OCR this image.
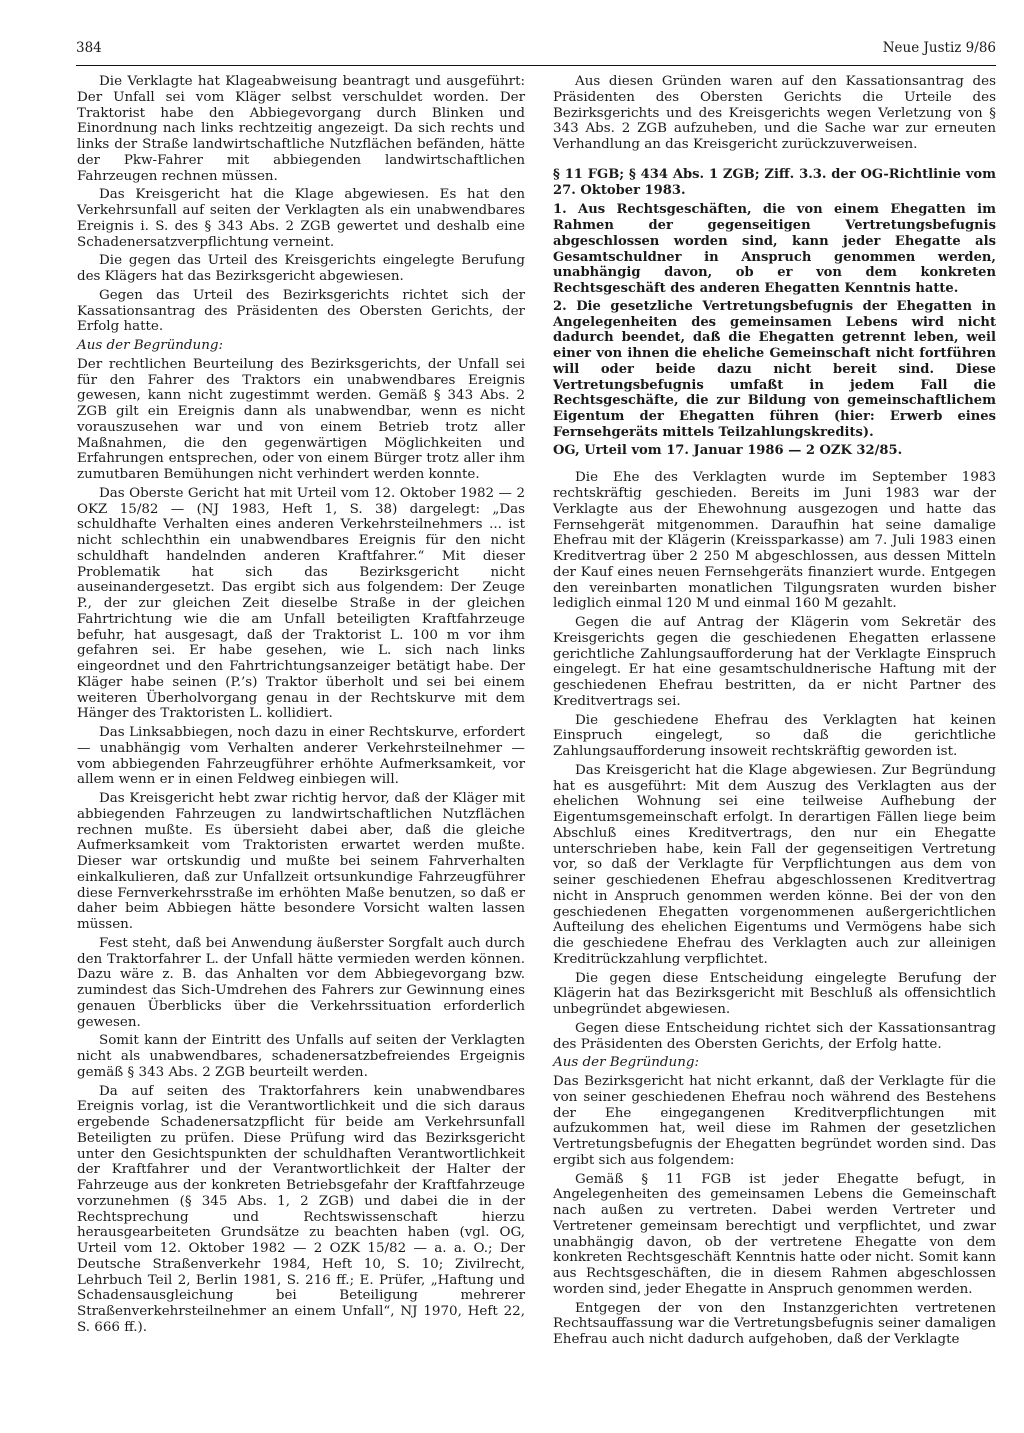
384	Neue Justiz 9/86

Die Verklagte hat Klageabweisung beantragt und ausgeführt: Der Unfall sei vom Kläger selbst verschuldet worden. Der Traktorist habe den Abbiegevorgang durch Blinken und Einordnung nach links rechtzeitig angezeigt. Da sich rechts und links der Straße landwirtschaftliche Nutzflächen befänden, hätte der Pkw-Fahrer mit abbiegenden landwirtschaftlichen Fahrzeugen rechnen müssen.

Das Kreisgericht hat die Klage abgewiesen. Es hat den Verkehrsunfall auf seiten der Verklagten als ein unabwendbares Ereignis i. S. des § 343 Abs. 2 ZGB gewertet und deshalb eine Schadenersatzverpflichtung verneint.

Die gegen das Urteil des Kreisgerichts eingelegte Berufung des Klägers hat das Bezirksgericht abgewiesen.

Gegen das Urteil des Bezirksgerichts richtet sich der Kassationsantrag des Präsidenten des Obersten Gerichts, der Erfolg hatte.

Aus der Begründung:

Der rechtlichen Beurteilung des Bezirksgerichts, der Unfall sei für den Fahrer des Traktors ein unabwendbares Ereignis gewesen, kann nicht zugestimmt werden. Gemäß § 343 Abs. 2 ZGB gilt ein Ereignis dann als unabwendbar, wenn es nicht vorauszusehen war und von einem Betrieb trotz aller Maßnahmen, die den gegenwärtigen Möglichkeiten und Erfahrungen entsprechen, oder von einem Bürger trotz aller ihm zumutbaren Bemühungen nicht verhindert werden konnte.

Das Oberste Gericht hat mit Urteil vom 12. Oktober 1982 — 2 OKZ 15/82 — (NJ 1983, Heft 1, S. 38) dargelegt: „Das schuldhafte Verhalten eines anderen Verkehrsteilnehmers ... ist nicht schlechthin ein unabwendbares Ereignis für den nicht schuldhaft handelnden anderen Kraftfahrer.“ Mit dieser Problematik hat sich das Bezirksgericht nicht auseinandergesetzt. Das ergibt sich aus folgendem: Der Zeuge P., der zur gleichen Zeit dieselbe Straße in der gleichen Fahrtrichtung wie die am Unfall beteiligten Kraftfahrzeuge befuhr, hat ausgesagt, daß der Traktorist L. 100 m vor ihm gefahren sei. Er habe gesehen, wie L. sich nach links eingeordnet und den Fahrtrichtungsanzeiger betätigt habe. Der Kläger habe seinen (P.’s) Traktor überholt und sei bei einem weiteren Überholvorgang genau in der Rechtskurve mit dem Hänger des Traktoristen L. kollidiert.

Das Linksabbiegen, noch dazu in einer Rechtskurve, erfordert — unabhängig vom Verhalten anderer Verkehrsteilnehmer — vom abbiegenden Fahrzeugführer erhöhte Aufmerksamkeit, vor allem wenn er in einen Feldweg einbiegen will.

Das Kreisgericht hebt zwar richtig hervor, daß der Kläger mit abbiegenden Fahrzeugen zu landwirtschaftlichen Nutzflächen rechnen mußte. Es übersieht dabei aber, daß die gleiche Aufmerksamkeit vom Traktoristen erwartet werden mußte. Dieser war ortskundig und mußte bei seinem Fahrverhalten einkalkulieren, daß zur Unfallzeit ortsunkundige Fahrzeugführer diese Fernverkehrsstraße im erhöhten Maße benutzen, so daß er daher beim Abbiegen hätte besondere Vorsicht walten lassen müssen.

Fest steht, daß bei Anwendung äußerster Sorgfalt auch durch den Traktorfahrer L. der Unfall hätte vermieden werden können. Dazu wäre z. B. das Anhalten vor dem Abbiegevorgang bzw. zumindest das Sich-Umdrehen des Fahrers zur Gewinnung eines genauen Überblicks über die Verkehrssituation erforderlich gewesen.

Somit kann der Eintritt des Unfalls auf seiten der Verklagten nicht als unabwendbares, schadenersatzbefreiendes Ergeignis gemäß § 343 Abs. 2 ZGB beurteilt werden.

Da auf seiten des Traktorfahrers kein unabwendbares Ereignis vorlag, ist die Verantwortlichkeit und die sich daraus ergebende Schadenersatzpflicht für beide am Verkehrsunfall Beteiligten zu prüfen. Diese Prüfung wird das Bezirksgericht unter den Gesichtspunkten der schuldhaften Verantwortlichkeit der Kraftfahrer und der Verantwortlichkeit der Halter der Fahrzeuge aus der konkreten Betriebsgefahr der Kraftfahrzeuge vorzunehmen (§ 345 Abs. 1, 2 ZGB) und dabei die in der Rechtsprechung und Rechtswissenschaft hierzu herausgearbeiteten Grundsätze zu beachten haben (vgl. OG, Urteil vom 12. Oktober 1982 — 2 OZK 15/82 — a. a. O.; Der Deutsche Straßenverkehr 1984, Heft 10, S. 10; Zivilrecht, Lehrbuch Teil 2, Berlin 1981, S. 216 ff.; E. Prüfer, „Haftung und Schadensausgleichung bei Beteiligung mehrerer Straßenverkehrsteilnehmer an einem Unfall“, NJ 1970, Heft 22, S. 666 ff.).

Aus diesen Gründen waren auf den Kassationsantrag des Präsidenten des Obersten Gerichts die Urteile des Bezirksgerichts und des Kreisgerichts wegen Verletzung von § 343 Abs. 2 ZGB aufzuheben, und die Sache war zur erneuten Verhandlung an das Kreisgericht zurückzuverweisen.

§ 11 FGB; § 434 Abs. 1 ZGB; Ziff. 3.3. der OG-Richtlinie vom 27. Oktober 1983.

1. Aus Rechtsgeschäften, die von einem Ehegatten im Rahmen der gegenseitigen Vertretungsbefugnis abgeschlossen worden sind, kann jeder Ehegatte als Gesamtschuldner in Anspruch genommen werden, unabhängig davon, ob er von dem konkreten Rechtsgeschäft des anderen Ehegatten Kenntnis hatte.

2. Die gesetzliche Vertretungsbefugnis der Ehegatten in Angelegenheiten des gemeinsamen Lebens wird nicht dadurch beendet, daß die Ehegatten getrennt leben, weil einer von ihnen die eheliche Gemeinschaft nicht fortführen will oder beide dazu nicht bereit sind. Diese Vertretungsbefugnis umfaßt in jedem Fall die Rechtsgeschäfte, die zur Bildung von gemeinschaftlichem Eigentum der Ehegatten führen (hier: Erwerb eines Fernsehgeräts mittels Teilzahlungskredits).

OG, Urteil vom 17. Januar 1986 — 2 OZK 32/85.

Die Ehe des Verklagten wurde im September 1983 rechtskräftig geschieden. Bereits im Juni 1983 war der Verklagte aus der Ehewohnung ausgezogen und hatte das Fernsehgerät mitgenommen. Daraufhin hat seine damalige Ehefrau mit der Klägerin (Kreissparkasse) am 7. Juli 1983 einen Kreditvertrag über 2 250 M abgeschlossen, aus dessen Mitteln der Kauf eines neuen Fernsehgeräts finanziert wurde. Entgegen den vereinbarten monatlichen Tilgungsraten wurden bisher lediglich einmal 120 M und einmal 160 M gezahlt.

Gegen die auf Antrag der Klägerin vom Sekretär des Kreisgerichts gegen die geschiedenen Ehegatten erlassene gerichtliche Zahlungsaufforderung hat der Verklagte Einspruch eingelegt. Er hat eine gesamtschuldnerische Haftung mit der geschiedenen Ehefrau bestritten, da er nicht Partner des Kreditvertrags sei.

Die geschiedene Ehefrau des Verklagten hat keinen Einspruch eingelegt, so daß die gerichtliche Zahlungsaufforderung insoweit rechtskräftig geworden ist.

Das Kreisgericht hat die Klage abgewiesen. Zur Begründung hat es ausgeführt: Mit dem Auszug des Verklagten aus der ehelichen Wohnung sei eine teilweise Aufhebung der Eigentumsgemeinschaft erfolgt. In derartigen Fällen liege beim Abschluß eines Kreditvertrags, den nur ein Ehegatte unterschrieben habe, kein Fall der gegenseitigen Vertretung vor, so daß der Verklagte für Verpflichtungen aus dem von seiner geschiedenen Ehefrau abgeschlossenen Kreditvertrag nicht in Anspruch genommen werden könne. Bei der von den geschiedenen Ehegatten vorgenommenen außergerichtlichen Aufteilung des ehelichen Eigentums und Vermögens habe sich die geschiedene Ehefrau des Verklagten auch zur alleinigen Kreditrückzahlung verpflichtet.

Die gegen diese Entscheidung eingelegte Berufung der Klägerin hat das Bezirksgericht mit Beschluß als offensichtlich unbegründet abgewiesen.

Gegen diese Entscheidung richtet sich der Kassationsantrag des Präsidenten des Obersten Gerichts, der Erfolg hatte.

Aus der Begründung:

Das Bezirksgericht hat nicht erkannt, daß der Verklagte für die von seiner geschiedenen Ehefrau noch während des Bestehens der Ehe eingegangenen Kreditverpflichtungen mit aufzukommen hat, weil diese im Rahmen der gesetzlichen Vertretungsbefugnis der Ehegatten begründet worden sind. Das ergibt sich aus folgendem:

Gemäß § 11 FGB ist jeder Ehegatte befugt, in Angelegenheiten des gemeinsamen Lebens die Gemeinschaft nach außen zu vertreten. Dabei werden Vertreter und Vertretener gemeinsam berechtigt und verpflichtet, und zwar unabhängig davon, ob der vertretene Ehegatte von dem konkreten Rechtsgeschäft Kenntnis hatte oder nicht. Somit kann aus Rechtsgeschäften, die in diesem Rahmen abgeschlossen worden sind, jeder Ehegatte in Anspruch genommen werden.

Entgegen der von den Instanzgerichten vertretenen Rechtsauffassung war die Vertretungsbefugnis seiner damaligen Ehefrau auch nicht dadurch aufgehoben, daß der Verklagte
